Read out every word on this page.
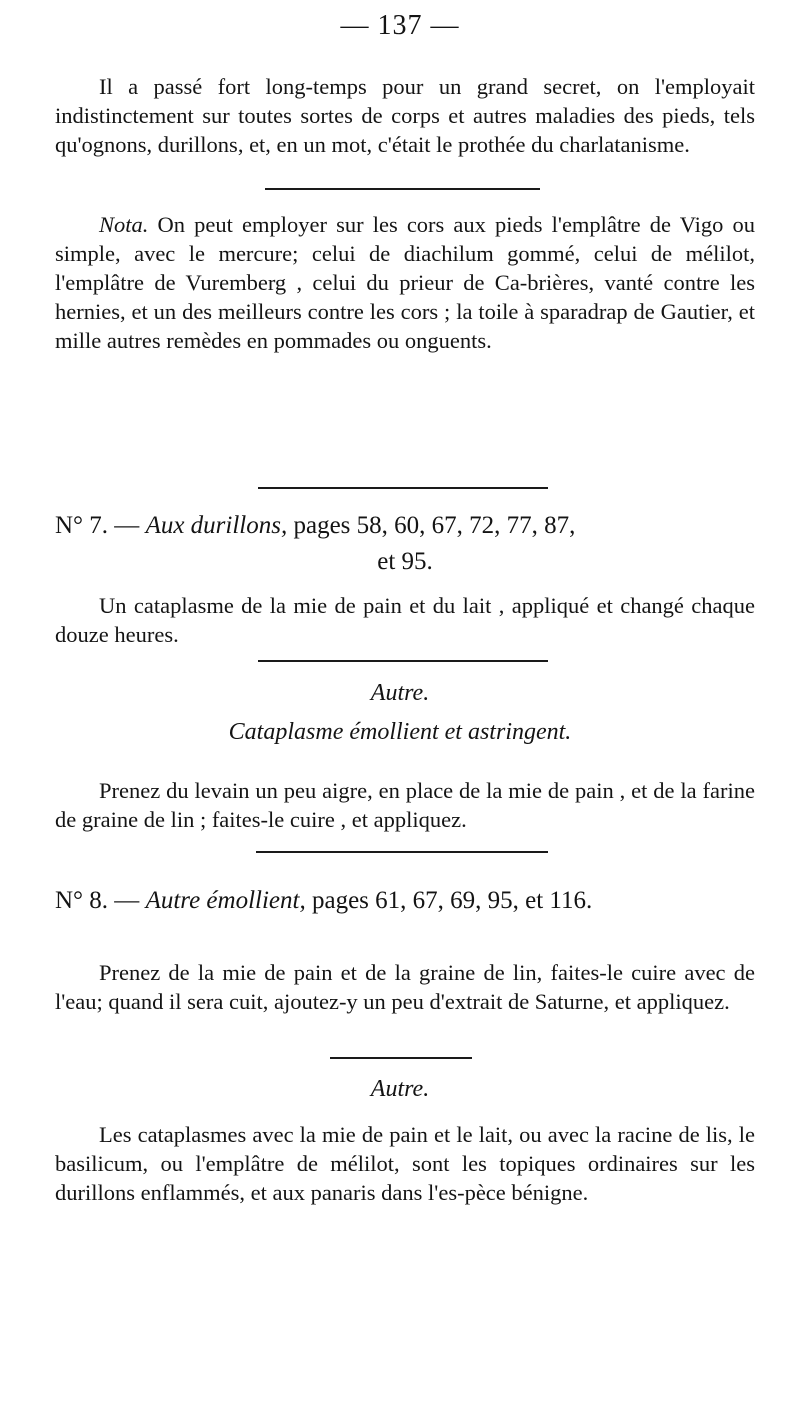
— 137 —

Il a passé fort long-temps pour un grand secret, on l'employait indistinctement sur toutes sortes de corps et autres maladies des pieds, tels qu'ognons, durillons, et, en un mot, c'était le prothée du charlatanisme.

Nota. On peut employer sur les cors aux pieds l'emplâtre de Vigo ou simple, avec le mercure; celui de diachilum gommé, celui de mélilot, l'emplâtre de Vuremberg , celui du prieur de Ca-brières, vanté contre les hernies, et un des meilleurs contre les cors ; la toile à sparadrap de Gautier, et mille autres remèdes en pommades ou onguents.

N° 7. — Aux durillons, pages 58, 60, 67, 72, 77, 87,
et 95.

Un cataplasme de la mie de pain et du lait , appliqué et changé chaque douze heures.

Autre.

Cataplasme émollient et astringent.

Prenez du levain un peu aigre, en place de la mie de pain , et de la farine de graine de lin ; faites-le cuire , et appliquez.

N° 8. — Autre émollient, pages 61, 67, 69, 95, et 116.

Prenez de la mie de pain et de la graine de lin, faites-le cuire avec de l'eau; quand il sera cuit, ajoutez-y un peu d'extrait de Saturne, et appliquez.

Autre.

Les cataplasmes avec la mie de pain et le lait, ou avec la racine de lis, le basilicum, ou l'emplâtre de mélilot, sont les topiques ordinaires sur les durillons enflammés, et aux panaris dans l'es-pèce bénigne.
